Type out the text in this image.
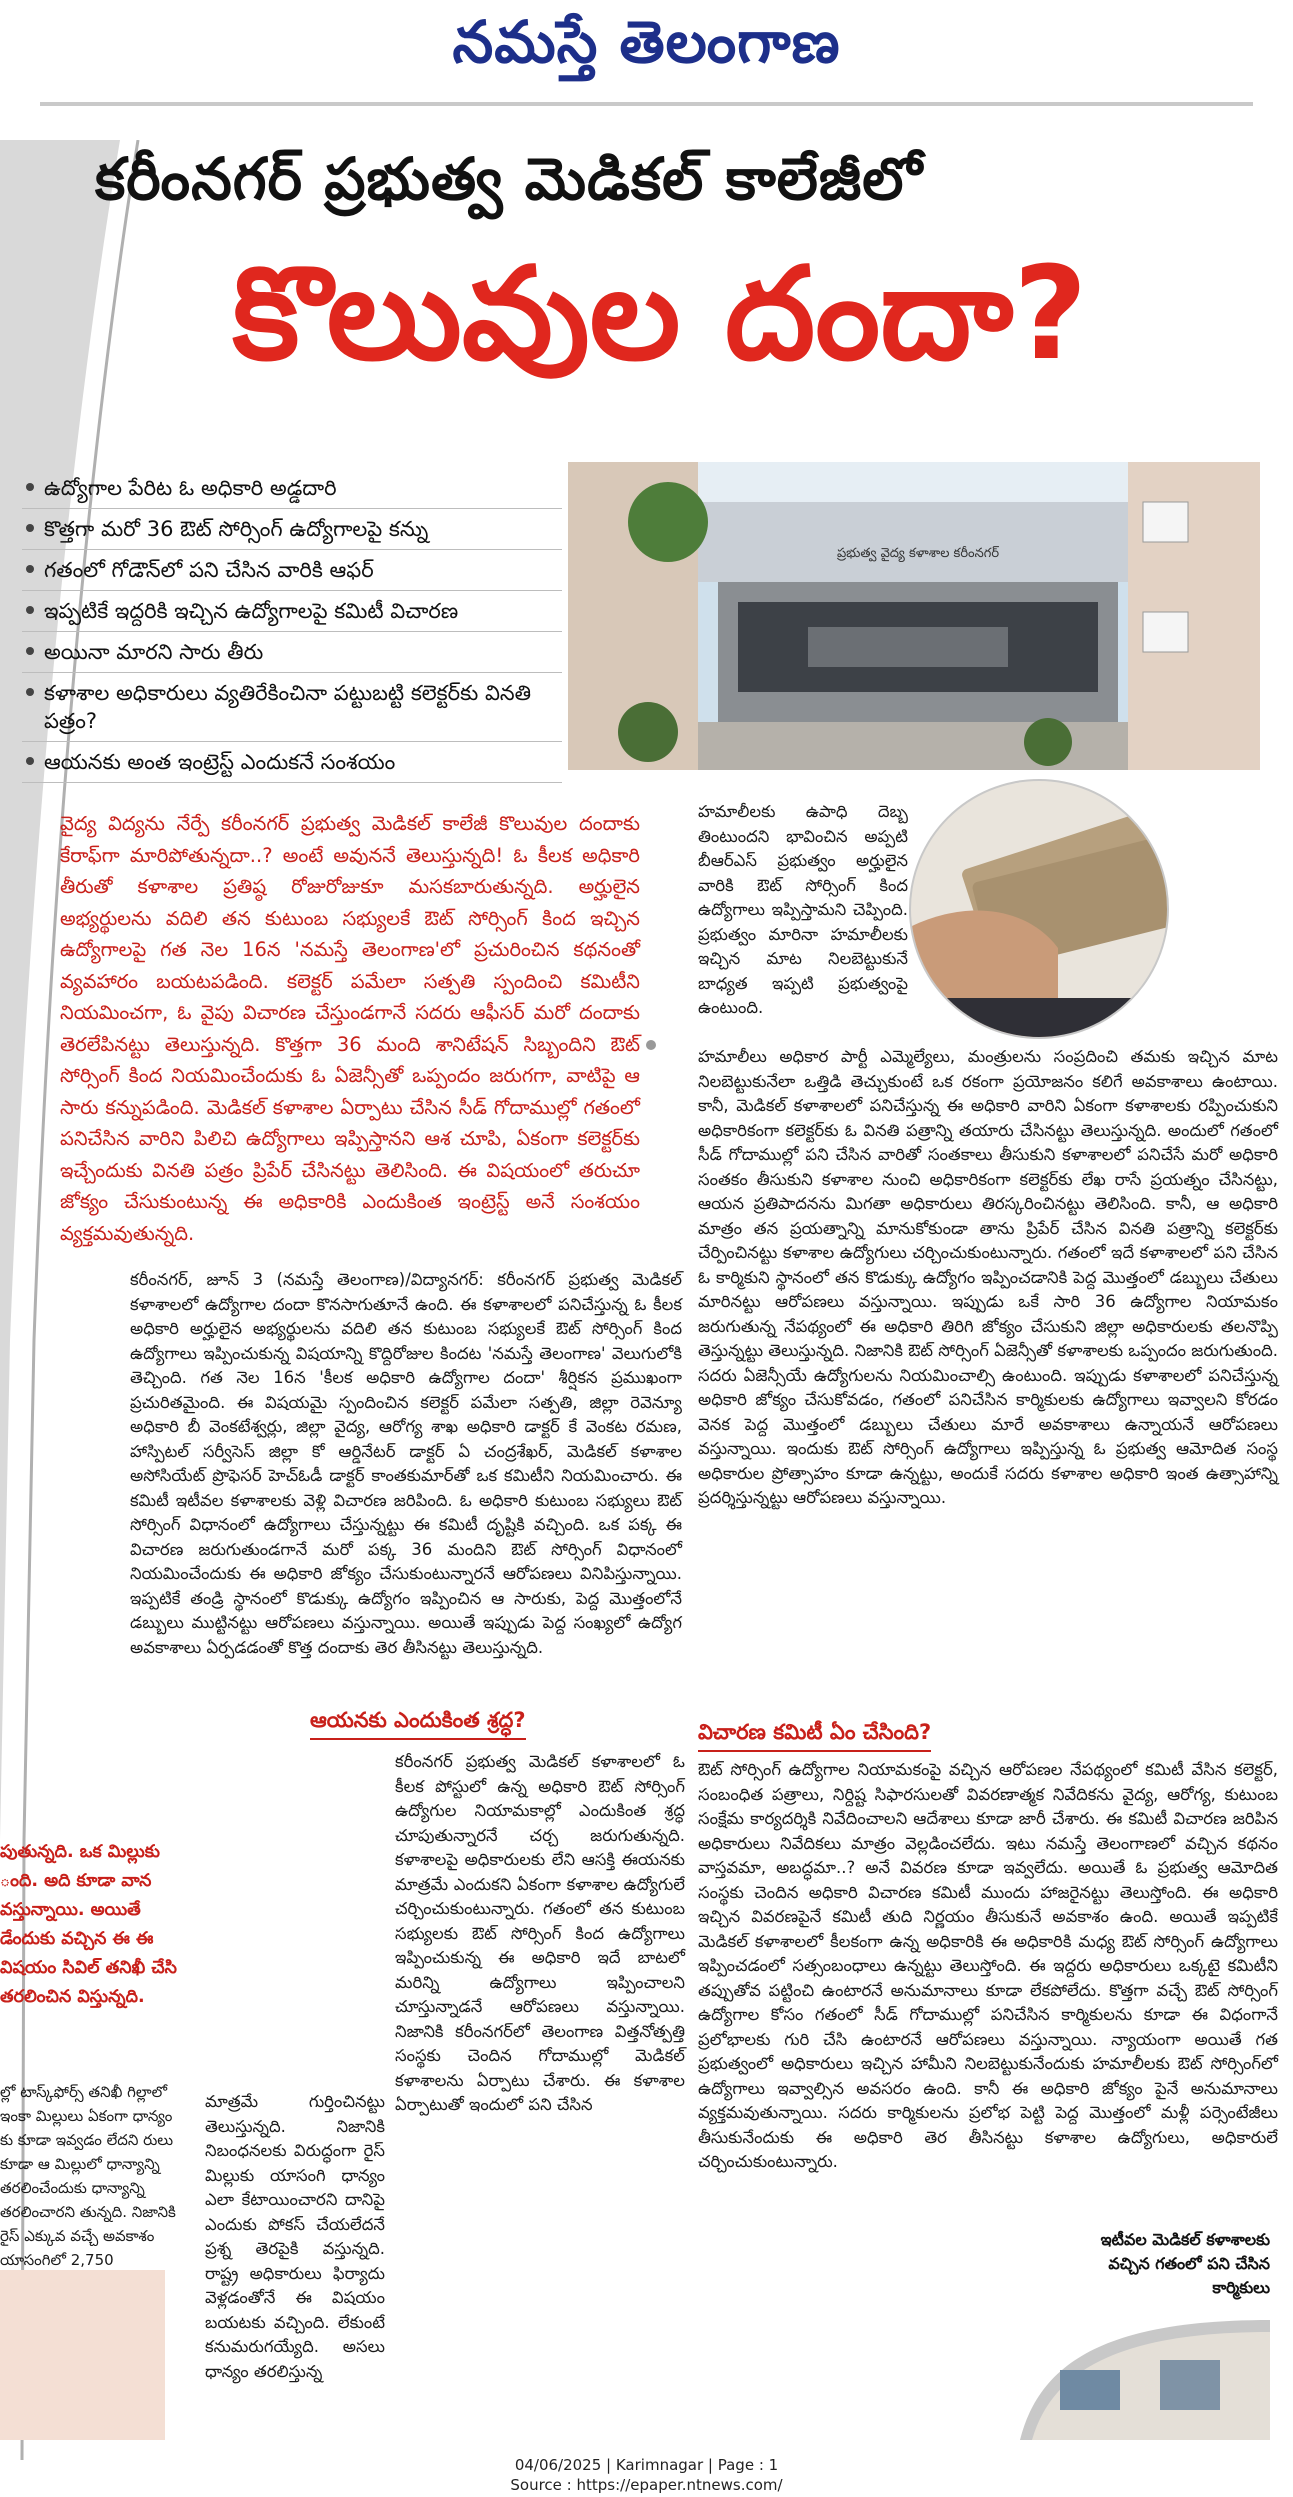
నమస్తే తెలంగాణ
కరీంనగర్ ప్రభుత్వ మెడికల్ కాలేజీలో
కొలువుల దందా?
ఉద్యోగాల పేరిట ఓ అధికారి అడ్డదారి
కొత్తగా మరో 36 ఔట్ సోర్సింగ్ ఉద్యోగాలపై కన్ను
గతంలో గోడౌన్‌లో పని చేసిన వారికి ఆఫర్
ఇప్పటికే ఇద్దరికి ఇచ్చిన ఉద్యోగాలపై కమిటీ విచారణ
అయినా మారని సారు తీరు
కళాశాల అధికారులు వ్యతిరేకించినా పట్టుబట్టి కలెక్టర్‌కు వినతి పత్రం?
ఆయనకు అంత ఇంట్రెస్ట్ ఎందుకనే సంశయం
ప్రభుత్వ వైద్య కళాశాల కరీంనగర్
వైద్య విద్యను నేర్పే కరీంనగర్ ప్రభుత్వ మెడికల్ కాలేజీ కొలువుల దందాకు కేరాఫ్‌గా మారిపోతున్నదా..? అంటే అవుననే తెలుస్తున్నది! ఓ కీలక అధికారి తీరుతో కళాశాల ప్రతిష్ఠ రోజురోజుకూ మసకబారుతున్నది. అర్హులైన అభ్యర్థులను వదిలి తన కుటుంబ సభ్యులకే ఔట్ సోర్సింగ్ కింద ఇచ్చిన ఉద్యోగాలపై గత నెల 16న 'నమస్తే తెలంగాణ'లో ప్రచురించిన కథనంతో వ్యవహారం బయటపడింది. కలెక్టర్ పమేలా సత్పతి స్పందించి కమిటీని నియమించగా, ఓ వైపు విచారణ చేస్తుండగానే సదరు ఆఫీసర్ మరో దందాకు తెరలేపినట్టు తెలుస్తున్నది. కొత్తగా 36 మంది శానిటేషన్ సిబ్బందిని ఔట్ సోర్సింగ్ కింద నియమించేందుకు ఓ ఏజెన్సీతో ఒప్పందం జరుగగా, వాటిపై ఆ సారు కన్నుపడింది. మెడికల్ కళాశాల ఏర్పాటు చేసిన సీడ్ గోదాముల్లో గతంలో పనిచేసిన వారిని పిలిచి ఉద్యోగాలు ఇప్పిస్తానని ఆశ చూపి, ఏకంగా కలెక్టర్‌కు ఇచ్చేందుకు వినతి పత్రం ప్రిపేర్ చేసినట్టు తెలిసింది. ఈ విషయంలో తరుచూ జోక్యం చేసుకుంటున్న ఈ అధికారికి ఎందుకింత ఇంట్రెస్ట్ అనే సంశయం వ్యక్తమవుతున్నది.
హమాలీలకు ఉపాధి దెబ్బ తింటుందని భావించిన అప్పటి బీఆర్ఎస్ ప్రభుత్వం అర్హులైన వారికి ఔట్ సోర్సింగ్ కింద ఉద్యోగాలు ఇప్పిస్తామని చెప్పింది. ప్రభుత్వం మారినా హమాలీలకు ఇచ్చిన మాట నిలబెట్టుకునే బాధ్యత ఇప్పటి ప్రభుత్వంపై ఉంటుంది.
హమాలీలు అధికార పార్టీ ఎమ్మెల్యేలు, మంత్రులను సంప్రదించి తమకు ఇచ్చిన మాట నిలబెట్టుకునేలా ఒత్తిడి తెచ్చుకుంటే ఒక రకంగా ప్రయోజనం కలిగే అవకాశాలు ఉంటాయి. కానీ, మెడికల్ కళాశాలలో పనిచేస్తున్న ఈ అధికారి వారిని ఏకంగా కళాశాలకు రప్పించుకుని అధికారికంగా కలెక్టర్‌కు ఓ వినతి పత్రాన్ని తయారు చేసినట్టు తెలుస్తున్నది. అందులో గతంలో సీడ్ గోదాముల్లో పని చేసిన వారితో సంతకాలు తీసుకుని కళాశాలలో పనిచేసే మరో అధికారి సంతకం తీసుకుని కళాశాల నుంచి అధికారికంగా కలెక్టర్‌కు లేఖ రాసే ప్రయత్నం చేసినట్టు, ఆయన ప్రతిపాదనను మిగతా అధికారులు తిరస్కరించినట్టు తెలిసింది. కానీ, ఆ అధికారి మాత్రం తన ప్రయత్నాన్ని మానుకోకుండా తాను ప్రిపేర్ చేసిన వినతి పత్రాన్ని కలెక్టర్‌కు చేర్పించినట్టు కళాశాల ఉద్యోగులు చర్చించుకుంటున్నారు. గతంలో ఇదే కళాశాలలో పని చేసిన ఓ కార్మికుని స్థానంలో తన కొడుక్కు ఉద్యోగం ఇప్పించడానికి పెద్ద మొత్తంలో డబ్బులు చేతులు మారినట్టు ఆరోపణలు వస్తున్నాయి. ఇప్పుడు ఒకే సారి 36 ఉద్యోగాల నియామకం జరుగుతున్న నేపథ్యంలో ఈ అధికారి తిరిగి జోక్యం చేసుకుని జిల్లా అధికారులకు తలనొప్పి తెస్తున్నట్టు తెలుస్తున్నది. నిజానికి ఔట్ సోర్సింగ్ ఏజెన్సీతో కళాశాలకు ఒప్పందం జరుగుతుంది. సదరు ఏజెన్సీయే ఉద్యోగులను నియమించాల్సి ఉంటుంది. ఇప్పుడు కళాశాలలో పనిచేస్తున్న అధికారి జోక్యం చేసుకోవడం, గతంలో పనిచేసిన కార్మికులకు ఉద్యోగాలు ఇవ్వాలని కోరడం వెనక పెద్ద మొత్తంలో డబ్బులు చేతులు మారే అవకాశాలు ఉన్నాయనే ఆరోపణలు వస్తున్నాయి. ఇందుకు ఔట్ సోర్సింగ్ ఉద్యోగాలు ఇప్పిస్తున్న ఓ ప్రభుత్వ ఆమోదిత సంస్థ అధికారుల ప్రోత్సాహం కూడా ఉన్నట్టు, అందుకే సదరు కళాశాల అధికారి ఇంత ఉత్సాహాన్ని ప్రదర్శిస్తున్నట్టు ఆరోపణలు వస్తున్నాయి.
విచారణ కమిటీ ఏం చేసింది?
ఔట్ సోర్సింగ్ ఉద్యోగాల నియామకంపై వచ్చిన ఆరోపణల నేపథ్యంలో కమిటీ వేసిన కలెక్టర్, సంబంధిత పత్రాలు, నిర్దిష్ట సిఫారసులతో వివరణాత్మక నివేదికను వైద్య, ఆరోగ్య, కుటుంబ సంక్షేమ కార్యదర్శికి నివేదించాలని ఆదేశాలు కూడా జారీ చేశారు. ఈ కమిటీ విచారణ జరిపిన అధికారులు నివేదికలు మాత్రం వెల్లడించలేదు. ఇటు నమస్తే తెలంగాణలో వచ్చిన కథనం వాస్తవమా, అబద్ధమా..? అనే వివరణ కూడా ఇవ్వలేదు. అయితే ఓ ప్రభుత్వ ఆమోదిత సంస్థకు చెందిన అధికారి విచారణ కమిటీ ముందు హాజరైనట్టు తెలుస్తోంది. ఈ అధికారి ఇచ్చిన వివరణపైనే కమిటీ తుది నిర్ణయం తీసుకునే అవకాశం ఉంది. అయితే ఇప్పటికే మెడికల్ కళాశాలలో కీలకంగా ఉన్న అధికారికి ఈ అధికారికి మధ్య ఔట్ సోర్సింగ్ ఉద్యోగాలు ఇప్పించడంలో సత్సంబంధాలు ఉన్నట్టు తెలుస్తోంది. ఈ ఇద్దరు అధికారులు ఒక్కటై కమిటీని తప్పుతోవ పట్టించి ఉంటారనే అనుమానాలు కూడా లేకపోలేదు. కొత్తగా వచ్చే ఔట్ సోర్సింగ్ ఉద్యోగాల కోసం గతంలో సీడ్ గోదాముల్లో పనిచేసిన కార్మికులను కూడా ఈ విధంగానే ప్రలోభాలకు గురి చేసి ఉంటారనే ఆరోపణలు వస్తున్నాయి. న్యాయంగా అయితే గత ప్రభుత్వంలో అధికారులు ఇచ్చిన హామీని నిలబెట్టుకునేందుకు హమాలీలకు ఔట్ సోర్సింగ్‌లో ఉద్యోగాలు ఇవ్వాల్సిన అవసరం ఉంది. కానీ ఈ అధికారి జోక్యం పైనే అనుమానాలు వ్యక్తమవుతున్నాయి. సదరు కార్మికులను ప్రలోభ పెట్టి పెద్ద మొత్తంలో మళ్లీ పర్సెంటేజీలు తీసుకునేందుకు ఈ అధికారి తెర తీసినట్టు కళాశాల ఉద్యోగులు, అధికారులే చర్చించుకుంటున్నారు.
కరీంనగర్, జూన్ 3 (నమస్తే తెలంగాణ)/విద్యానగర్: కరీంనగర్ ప్రభుత్వ మెడికల్ కళాశాలలో ఉద్యోగాల దందా కొనసాగుతూనే ఉంది. ఈ కళాశాలలో పనిచేస్తున్న ఓ కీలక అధికారి అర్హులైన అభ్యర్థులను వదిలి తన కుటుంబ సభ్యులకే ఔట్ సోర్సింగ్ కింద ఉద్యోగాలు ఇప్పించుకున్న విషయాన్ని కొద్దిరోజుల కిందట 'నమస్తే తెలంగాణ' వెలుగులోకి తెచ్చింది. గత నెల 16న 'కీలక అధికారి ఉద్యోగాల దందా' శీర్షికన ప్రముఖంగా ప్రచురితమైంది. ఈ విషయమై స్పందించిన కలెక్టర్ పమేలా సత్పతి, జిల్లా రెవెన్యూ అధికారి బీ వెంకటేశ్వర్లు, జిల్లా వైద్య, ఆరోగ్య శాఖ అధికారి డాక్టర్ కే వెంకట రమణ, హాస్పిటల్ సర్వీసెస్ జిల్లా కో ఆర్డినేటర్ డాక్టర్ ఏ చంద్రశేఖర్, మెడికల్ కళాశాల అసోసియేట్ ప్రొఫెసర్ హెచ్‌ఓడీ డాక్టర్ కాంతకుమార్‌తో ఒక కమిటీని నియమించారు. ఈ కమిటీ ఇటీవల కళాశాలకు వెళ్లి విచారణ జరిపింది. ఓ అధికారి కుటుంబ సభ్యులు ఔట్ సోర్సింగ్ విధానంలో ఉద్యోగాలు చేస్తున్నట్టు ఈ కమిటీ దృష్టికి వచ్చింది. ఒక పక్క ఈ విచారణ జరుగుతుండగానే మరో పక్క 36 మందిని ఔట్ సోర్సింగ్ విధానంలో నియమించేందుకు ఈ అధికారి జోక్యం చేసుకుంటున్నారనే ఆరోపణలు వినిపిస్తున్నాయి. ఇప్పటికే తండ్రి స్థానంలో కొడుక్కు ఉద్యోగం ఇప్పించిన ఆ సారుకు, పెద్ద మొత్తంలోనే డబ్బులు ముట్టినట్టు ఆరోపణలు వస్తున్నాయి. అయితే ఇప్పుడు పెద్ద సంఖ్యలో ఉద్యోగ అవకాశాలు ఏర్పడడంతో కొత్త దందాకు తెర తీసినట్టు తెలుస్తున్నది.
ఆయనకు ఎందుకింత శ్రద్ధ?
కరీంనగర్ ప్రభుత్వ మెడికల్ కళాశాలలో ఓ కీలక పోస్టులో ఉన్న అధికారి ఔట్ సోర్సింగ్ ఉద్యోగుల నియామకాల్లో ఎందుకింత శ్రద్ధ చూపుతున్నారనే చర్చ జరుగుతున్నది. కళాశాలపై అధికారులకు లేని ఆసక్తి ఈయనకు మాత్రమే ఎందుకని ఏకంగా కళాశాల ఉద్యోగులే చర్చించుకుంటున్నారు. గతంలో తన కుటుంబ సభ్యులకు ఔట్ సోర్సింగ్ కింద ఉద్యోగాలు ఇప్పించుకున్న ఈ అధికారి ఇదే బాటలో మరిన్ని ఉద్యోగాలు ఇప్పించాలని చూస్తున్నాడనే ఆరోపణలు వస్తున్నాయి. నిజానికి కరీంనగర్‌లో తెలంగాణ విత్తనోత్పత్తి సంస్థకు చెందిన గోదాముల్లో మెడికల్ కళాశాలను ఏర్పాటు చేశారు. ఈ కళాశాల ఏర్పాటుతో ఇందులో పని చేసిన
మాత్రమే గుర్తించినట్టు తెలుస్తున్నది. నిజానికి నిబంధనలకు విరుద్ధంగా రైస్ మిల్లుకు యాసంగి ధాన్యం ఎలా కేటాయించారని దానిపై ఎందుకు పోకస్ చేయలేదనే ప్రశ్న తెరపైకి వస్తున్నది. రాష్ట్ర అధికారులు ఫిర్యాదు వెళ్లడంతోనే ఈ విషయం బయటకు వచ్చింది. లేకుంటే కనుమరుగయ్యేది. అసలు ధాన్యం తరలిస్తున్న
పుతున్నది. ఒక మిల్లుకు ంది. అది కూడా వాన వస్తున్నాయి. అయితే డేందుకు వచ్చిన ఈ ఈ విషయం సివిల్ తనిఖీ చేసి తరలించిన విస్తున్నది.
ల్లో టాస్క్‌ఫోర్స్ తనిఖీ గిల్లాలో ఇంకా మిల్లులు ఏకంగా ధాన్యం కు కూడా ఇవ్వడం లేదని రులు కూడా ఆ మిల్లులో ధాన్యాన్ని తరలించేందుకు ధాన్యాన్ని తరలించారని తున్నది. నిజానికి రైస్ ఎక్కువ వచ్చే అవకాశం యాసంగిలో 2,750
ఇటీవల మెడికల్ కళాశాలకు వచ్చిన గతంలో పని చేసిన కార్మికులు
04/06/2025 | Karimnagar | Page : 1
Source : https://epaper.ntnews.com/
